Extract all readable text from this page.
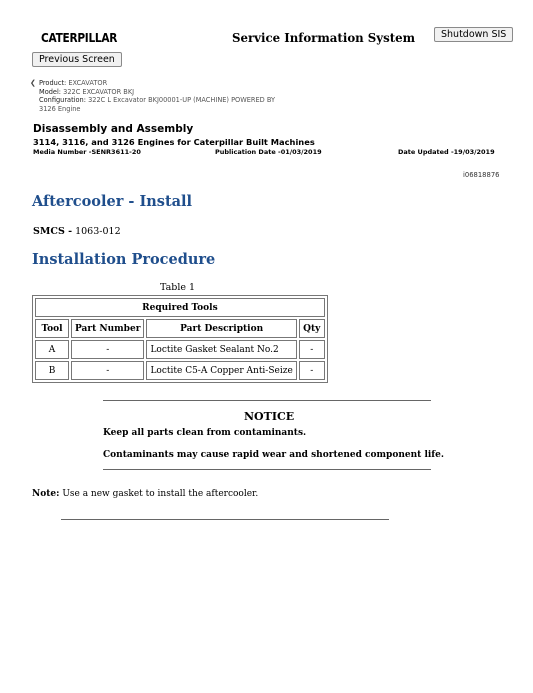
CATERPILLAR	Service Information System	Shutdown SIS
Previous Screen
❮ Product: EXCAVATOR
Model: 322C EXCAVATOR BKJ
Configuration: 322C L Excavator BKJ00001-UP (MACHINE) POWERED BY
3126 Engine
Disassembly and Assembly
3114, 3116, and 3126 Engines for Caterpillar Built Machines
Media Number -SENR3611-20	Publication Date -01/03/2019	Date Updated -19/03/2019
i06818876
Aftercooler - Install
SMCS - 1063-012
Installation Procedure
Table 1
Required Tools			
Tool	Part Number	Part Description	Qty
A	-	Loctite Gasket Sealant No.2	-
B	-	Loctite C5-A Copper Anti-Seize	-
NOTICE
Keep all parts clean from contaminants.
Contaminants may cause rapid wear and shortened component life.
Note: Use a new gasket to install the aftercooler.
